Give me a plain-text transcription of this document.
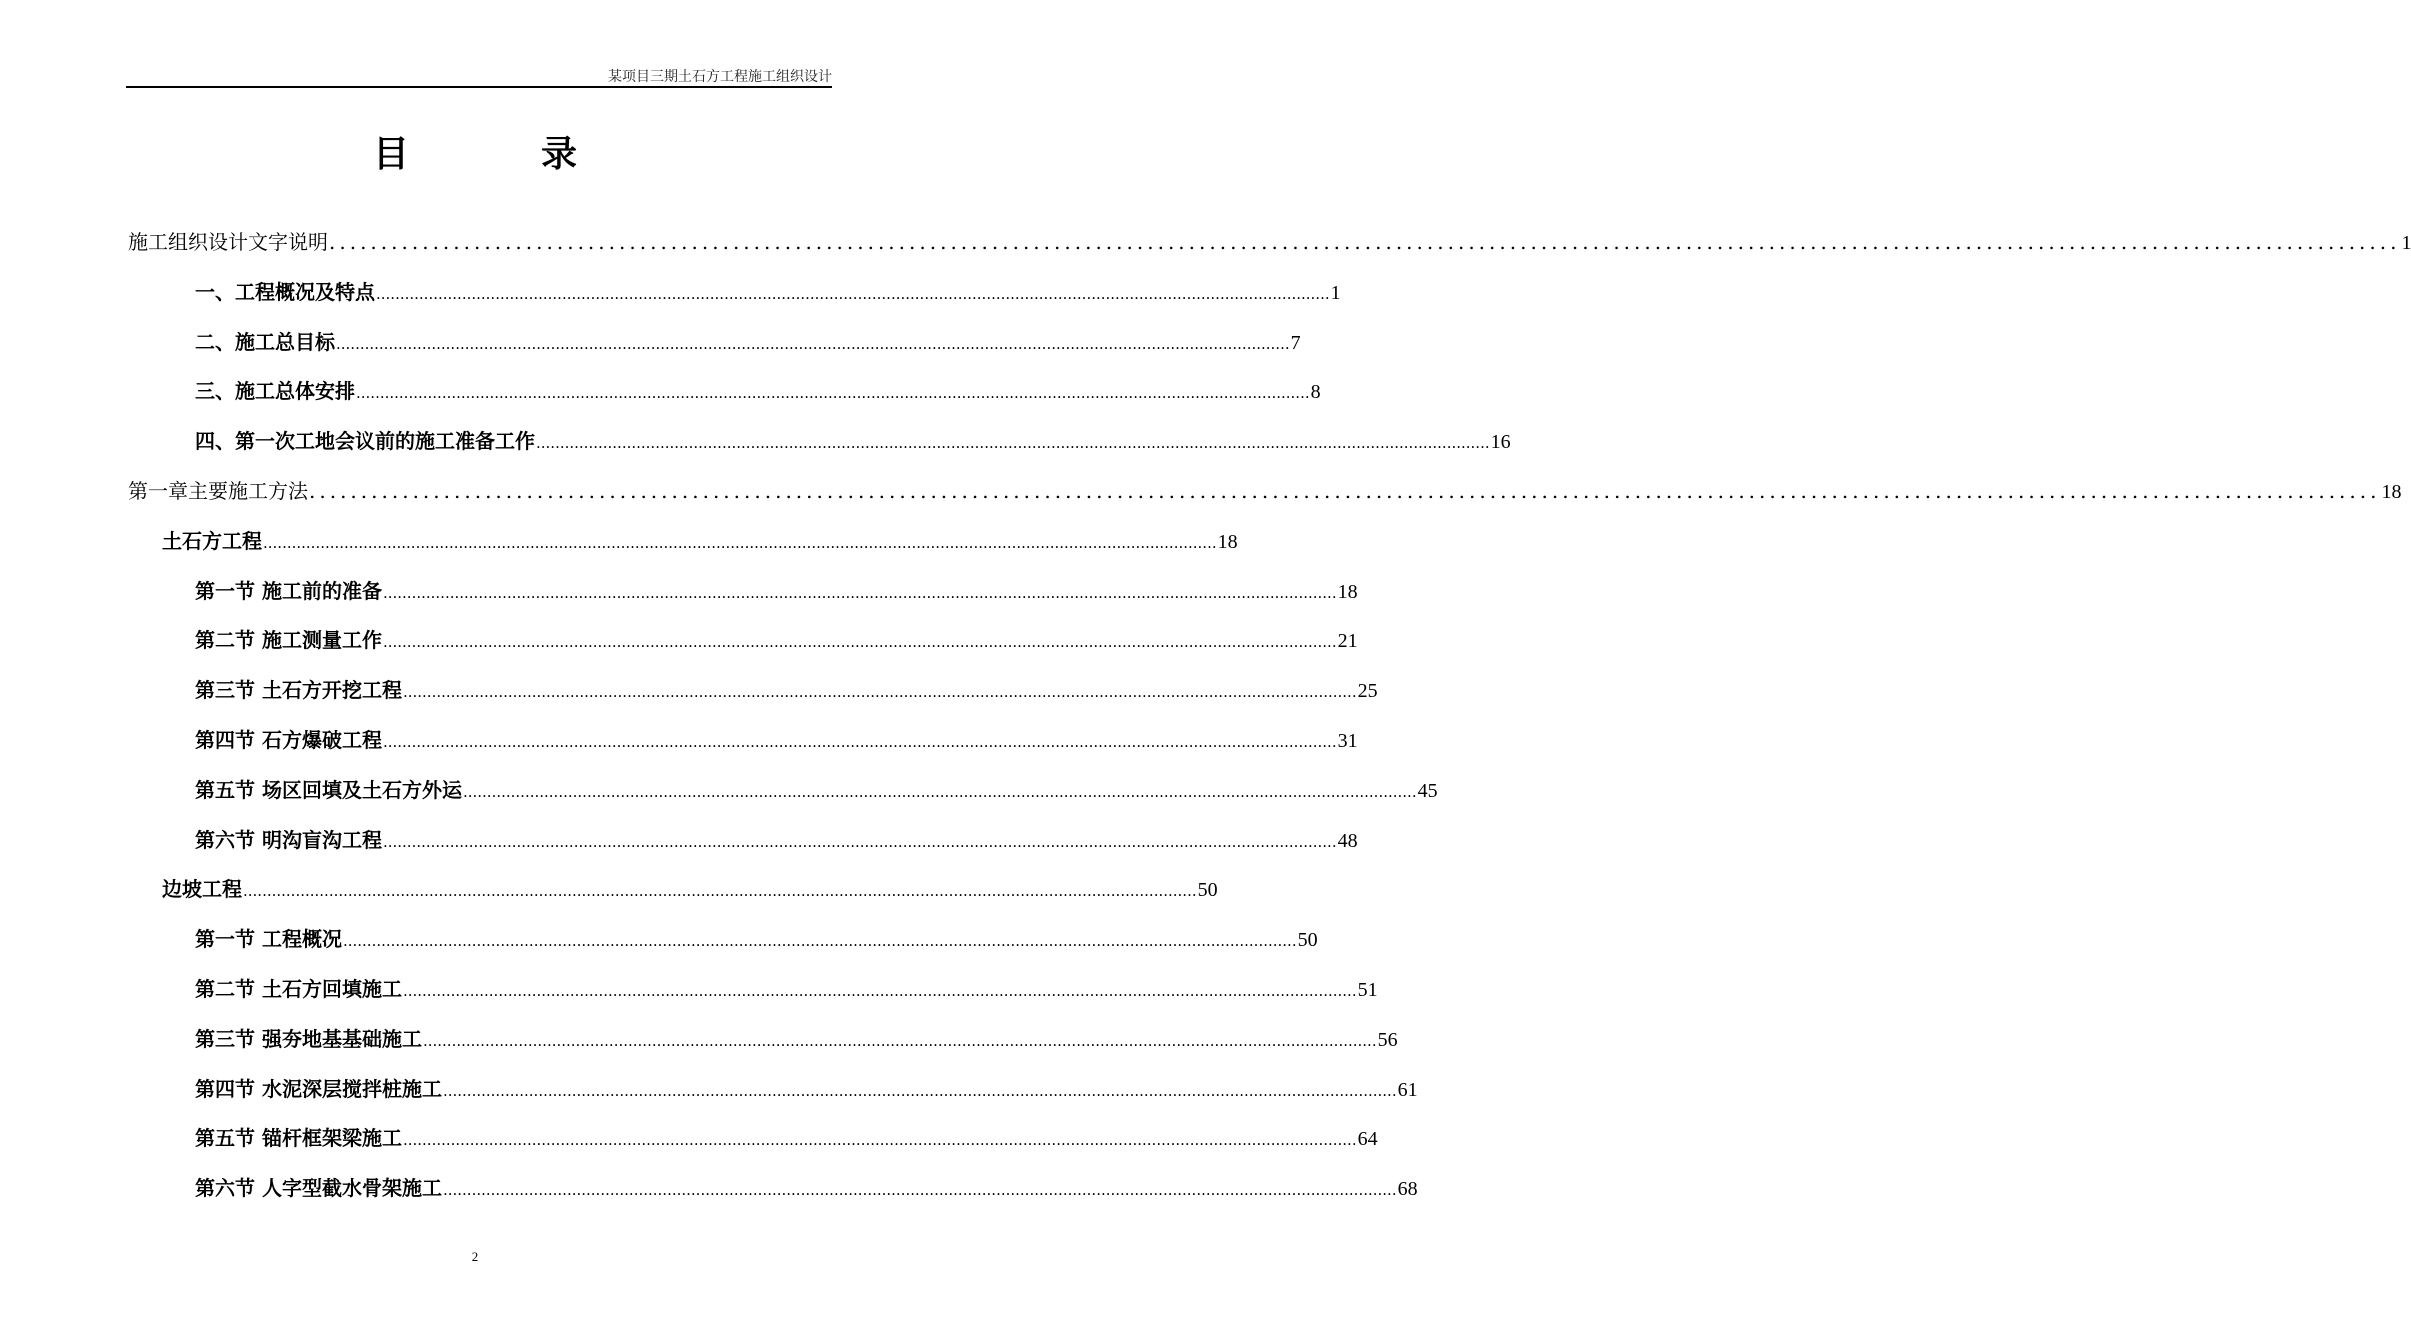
某项目三期土石方工程施工组织设计
目录
施工组织设计文字说明 ........................................................................................................................................................................................................ 1
一、工程概况及特点 ........................................................................................................................................................................................................ 1
二、施工总目标 ........................................................................................................................................................................................................ 7
三、施工总体安排 ........................................................................................................................................................................................................ 8
四、第一次工地会议前的施工准备工作 ........................................................................................................................................................................................................ 16
第一章主要施工方法 ........................................................................................................................................................................................................ 18
土石方工程 ........................................................................................................................................................................................................ 18
第一节 施工前的准备 ........................................................................................................................................................................................................ 18
第二节 施工测量工作 ........................................................................................................................................................................................................ 21
第三节 土石方开挖工程 ........................................................................................................................................................................................................ 25
第四节 石方爆破工程 ........................................................................................................................................................................................................ 31
第五节 场区回填及土石方外运 ........................................................................................................................................................................................................ 45
第六节 明沟盲沟工程 ........................................................................................................................................................................................................ 48
边坡工程 ........................................................................................................................................................................................................ 50
第一节 工程概况 ........................................................................................................................................................................................................ 50
第二节 土石方回填施工 ........................................................................................................................................................................................................ 51
第三节 强夯地基基础施工 ........................................................................................................................................................................................................ 56
第四节 水泥深层搅拌桩施工 ........................................................................................................................................................................................................ 61
第五节 锚杆框架梁施工 ........................................................................................................................................................................................................ 64
第六节 人字型截水骨架施工 ........................................................................................................................................................................................................ 68
2
